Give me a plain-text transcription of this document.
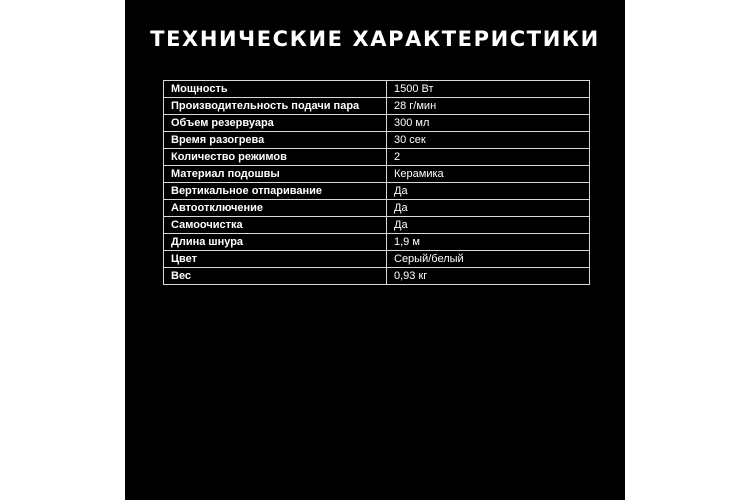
ТЕХНИЧЕСКИЕ ХАРАКТЕРИСТИКИ
Мощность	1500 Вт
Производительность подачи пара	28 г/мин
Объем резервуара	300 мл
Время разогрева	30 сек
Количество режимов	2
Материал подошвы	Керамика
Вертикальное отпаривание	Да
Автоотключение	Да
Самоочистка	Да
Длина шнура	1,9 м
Цвет	Серый/белый
Вес	0,93 кг
